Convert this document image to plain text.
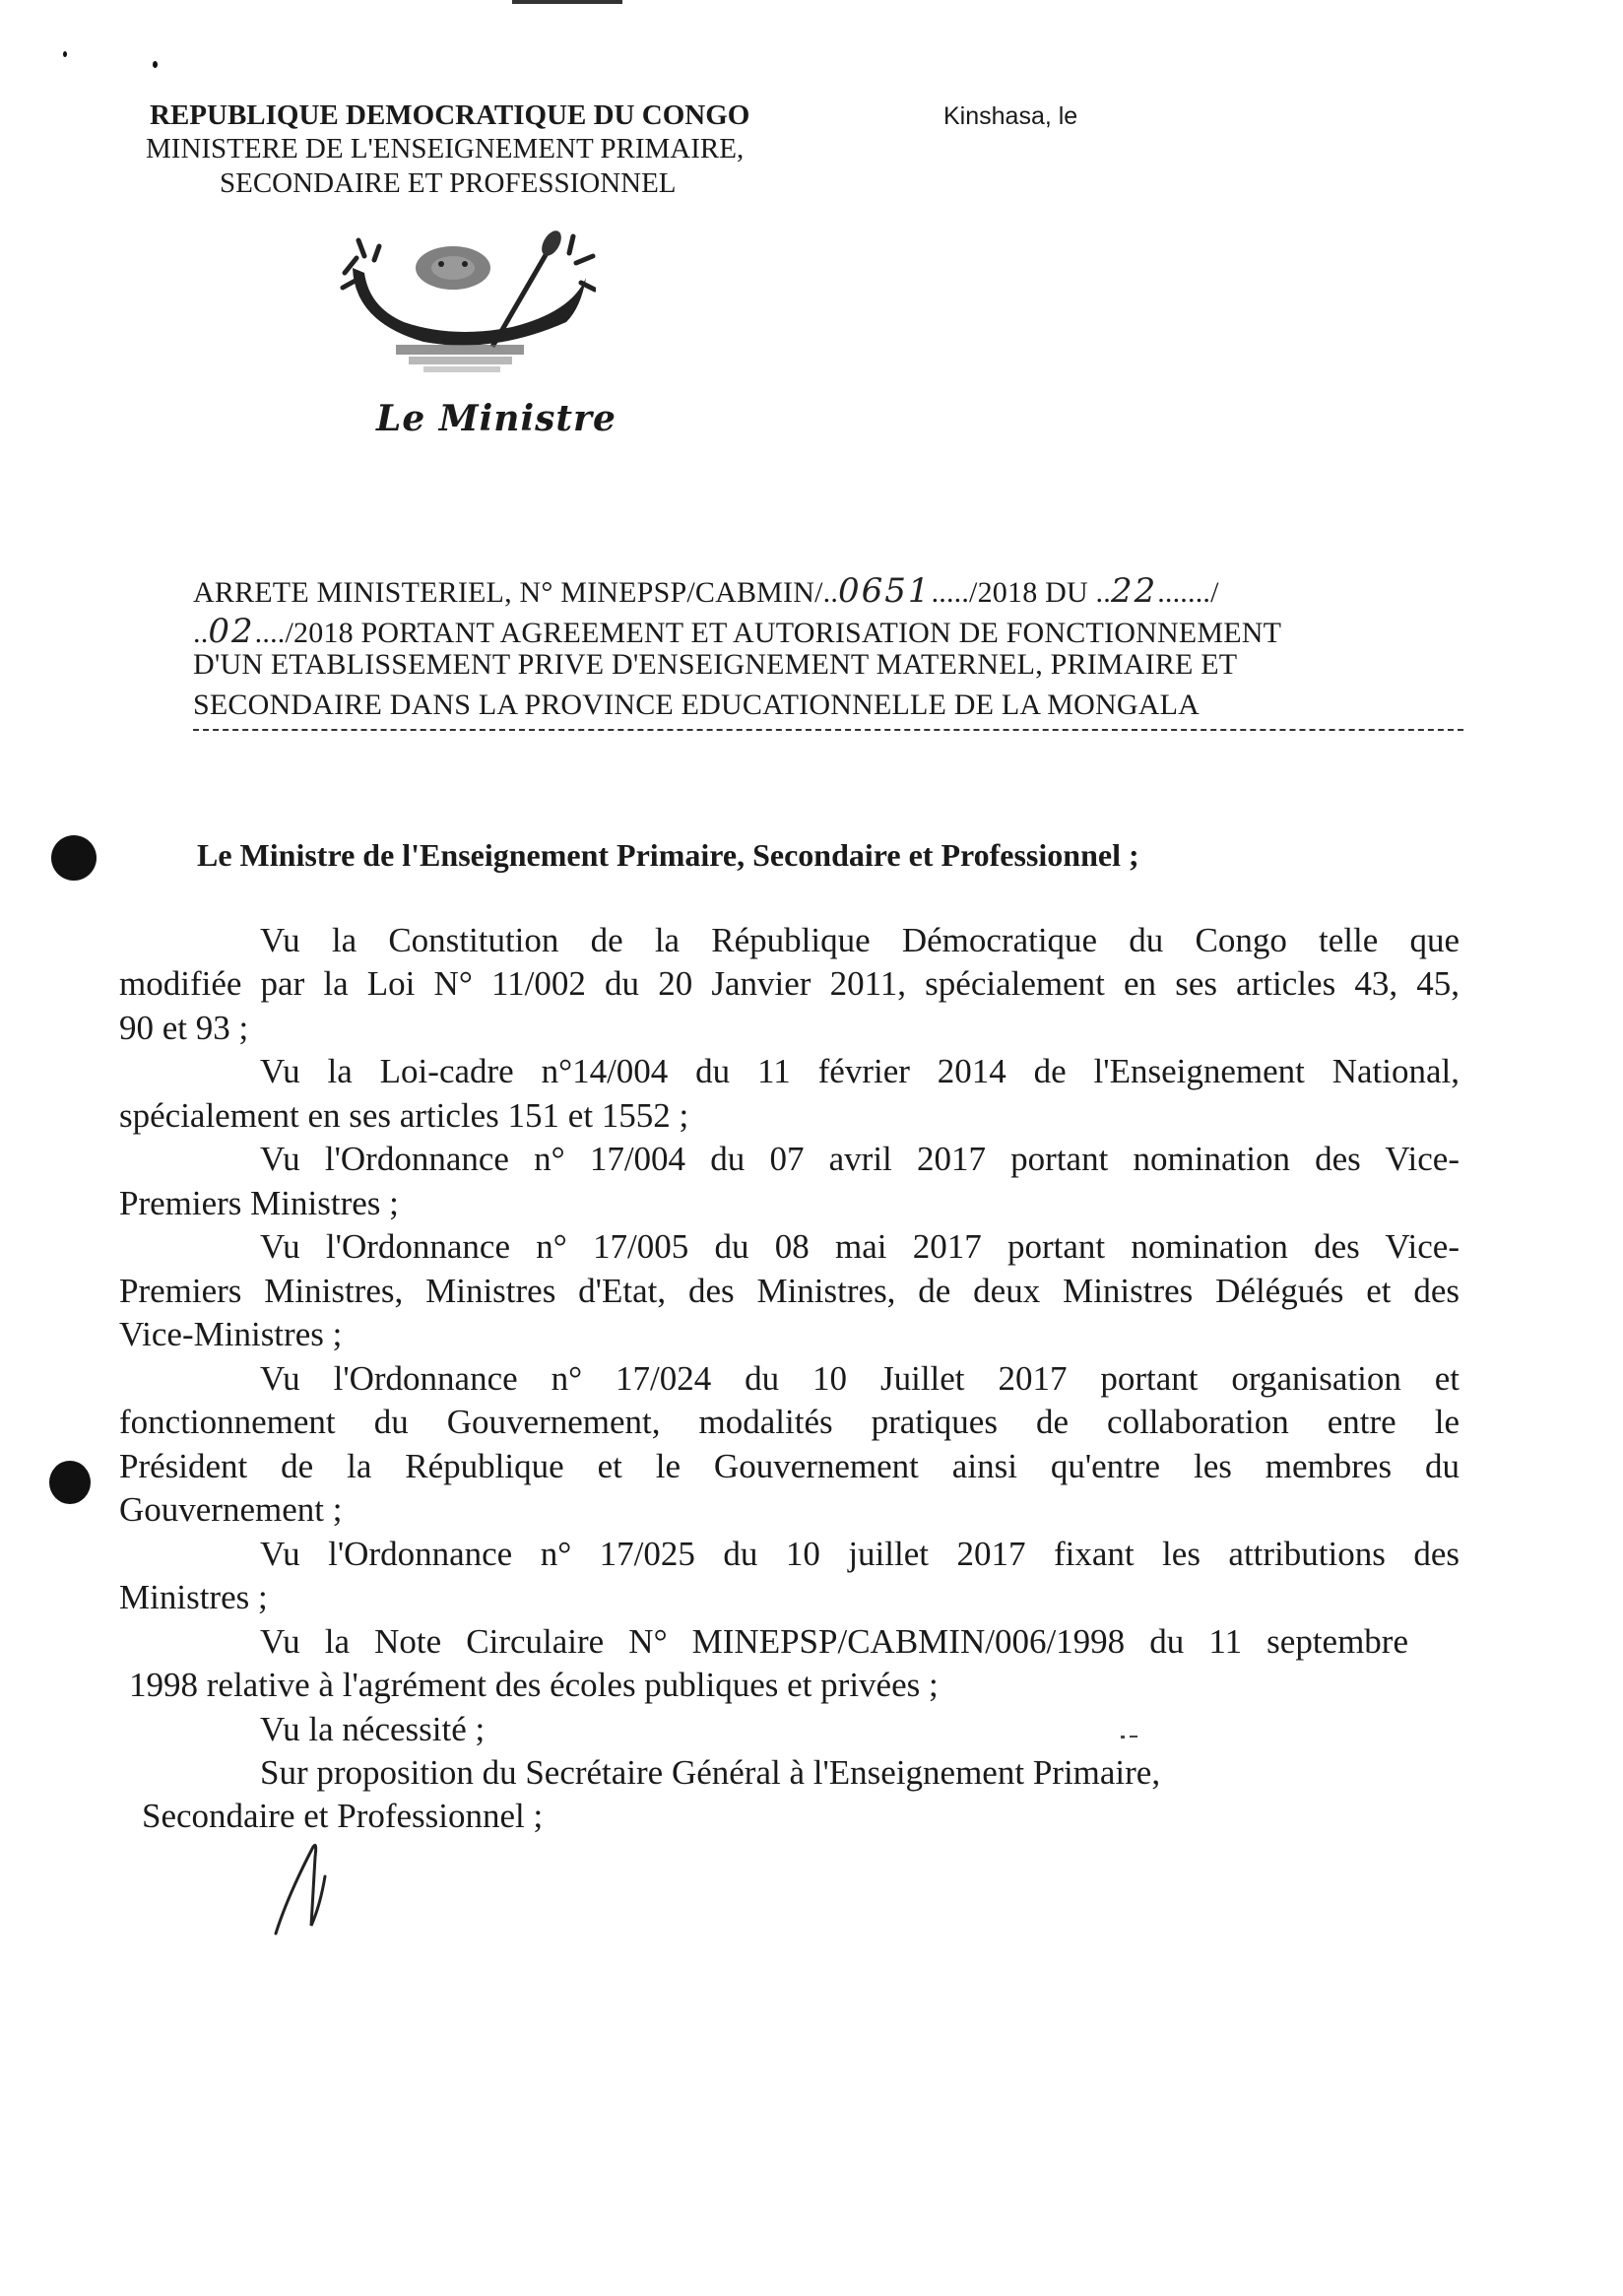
REPUBLIQUE DEMOCRATIQUE DU CONGO
MINISTERE DE L'ENSEIGNEMENT PRIMAIRE,
SECONDAIRE ET PROFESSIONNEL
Kinshasa, le
Le Ministre
ARRETE MINISTERIEL, N° MINEPSP/CABMIN/..0651...../2018 DU ..22......./
..02..../2018 PORTANT AGREEMENT ET AUTORISATION DE FONCTIONNEMENT
D'UN ETABLISSEMENT PRIVE D'ENSEIGNEMENT MATERNEL, PRIMAIRE ET
SECONDAIRE DANS LA PROVINCE EDUCATIONNELLE DE LA MONGALA
Le Ministre de l'Enseignement Primaire, Secondaire et Professionnel ;
Vu la Constitution de la République Démocratique du Congo telle que
modifiée par la Loi N° 11/002 du 20 Janvier 2011, spécialement en ses articles 43, 45,
90 et 93 ;
Vu la Loi-cadre n°14/004 du 11 février 2014 de l'Enseignement National,
spécialement en ses articles 151 et 1552 ;
Vu l'Ordonnance n° 17/004 du 07 avril 2017 portant nomination des Vice-
Premiers Ministres ;
Vu l'Ordonnance n° 17/005 du 08 mai 2017 portant nomination des Vice-
Premiers Ministres, Ministres d'Etat, des Ministres, de deux Ministres Délégués et des
Vice-Ministres ;
Vu l'Ordonnance n° 17/024 du 10 Juillet 2017 portant organisation et
fonctionnement du Gouvernement, modalités pratiques de collaboration entre le
Président de la République et le Gouvernement ainsi qu'entre les membres du
Gouvernement ;
Vu l'Ordonnance n° 17/025 du 10 juillet 2017 fixant les attributions des
Ministres ;
Vu la Note Circulaire N° MINEPSP/CABMIN/006/1998 du 11 septembre
1998 relative à l'agrément des écoles publiques et privées ;
Vu la nécessité ;
Sur proposition du Secrétaire Général à l'Enseignement Primaire,
Secondaire et Professionnel ;
